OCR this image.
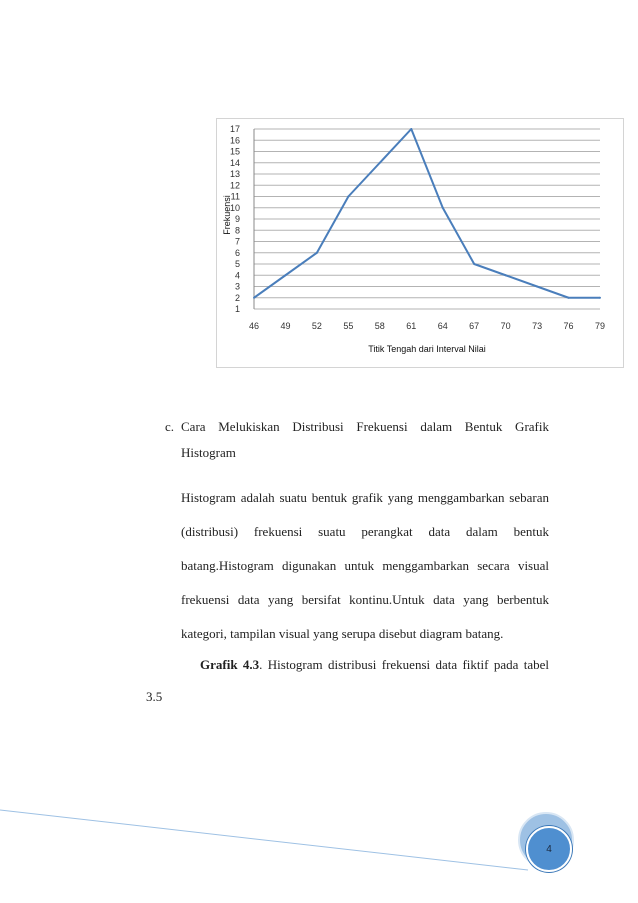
1
2
3
4
5
6
7
8
9
10
11
12
13
14
15
16
17
46 49 52 55 58 61 64 67 70 73 76 79
Titik Tengah dari Interval Nilai
Frekuensi
c. Cara Melukiskan Distribusi Frekuensi dalam Bentuk Grafik
Histogram
Histogram adalah suatu bentuk grafik yang menggambarkan sebaran
(distribusi) frekuensi suatu perangkat data dalam bentuk
batang.Histogram digunakan untuk menggambarkan secara visual
frekuensi data yang bersifat kontinu.Untuk data yang berbentuk
kategori, tampilan visual yang serupa disebut diagram batang.
Grafik 4.3. Histogram distribusi frekuensi data fiktif pada tabel
3.5
4
